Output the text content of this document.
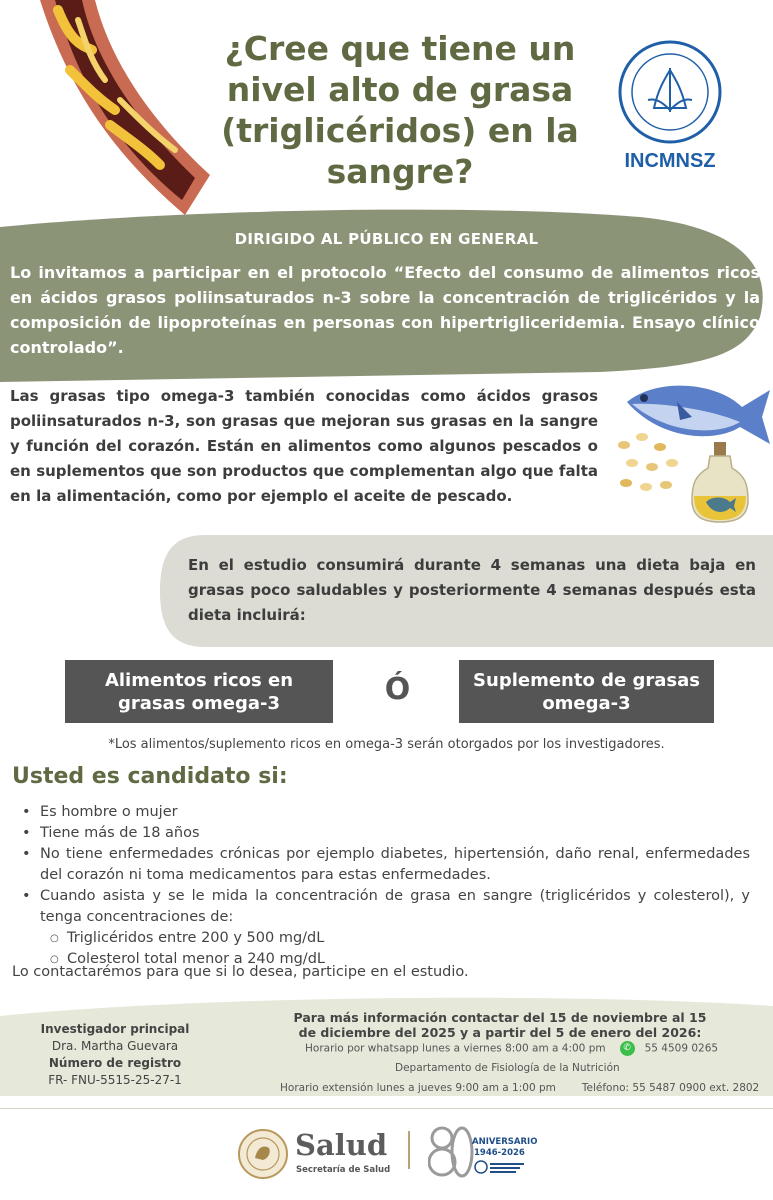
¿Cree que tiene un nivel alto de grasa (triglicéridos) en la sangre?	INCMNSZ
DIRIGIDO AL PÚBLICO EN GENERAL

Lo invitamos a participar en el protocolo “Efecto del consumo de alimentos ricos en ácidos grasos poliinsaturados n-3 sobre la concentración de triglicéridos y la composición de lipoproteínas en personas con hipertrigliceridemia. Ensayo clínico controlado”.

Las grasas tipo omega-3 también conocidas como ácidos grasos poliinsaturados n-3, son grasas que mejoran sus grasas en la sangre y función del corazón. Están en alimentos como algunos pescados o en suplementos que son productos que complementan algo que falta en la alimentación, como por ejemplo el aceite de pescado.

En el estudio consumirá durante 4 semanas una dieta baja en grasas poco saludables y posteriormente 4 semanas después esta dieta incluirá:

Alimentos ricos en grasas omega-3	Ó	Suplemento de grasas omega-3
*Los alimentos/suplemento ricos en omega-3 serán otorgados por los investigadores.
Usted es candidato si:
• Es hombre o mujer
• Tiene más de 18 años
• No tiene enfermedades crónicas por ejemplo diabetes, hipertensión, daño renal, enfermedades del corazón ni toma medicamentos para estas enfermedades.
• Cuando asista y se le mida la concentración de grasa en sangre (triglicéridos y colesterol), y tenga concentraciones de:
○ Triglicéridos entre 200 y 500 mg/dL
○ Colesterol total menor a 240 mg/dL

Lo contactarémos para que si lo desea, participe en el estudio.

Investigador principal
Dra. Martha Guevara
Número de registro
FR- FNU-5515-25-27-1

Para más información contactar del 15 de noviembre al 15 de diciembre del 2025 y a partir del 5 de enero del 2026:

Horario por whatsapp lunes a viernes 8:00 am a 4:00 pm ✆ 55 4509 0265
Departamento de Fisiología de la Nutrición
Horario extensión lunes a jueves 9:00 am a 1:00 pm Teléfono: 55 5487 0900 ext. 2802
Salud
Secretaría de Salud
ANIVERSARIO
1946-2026
